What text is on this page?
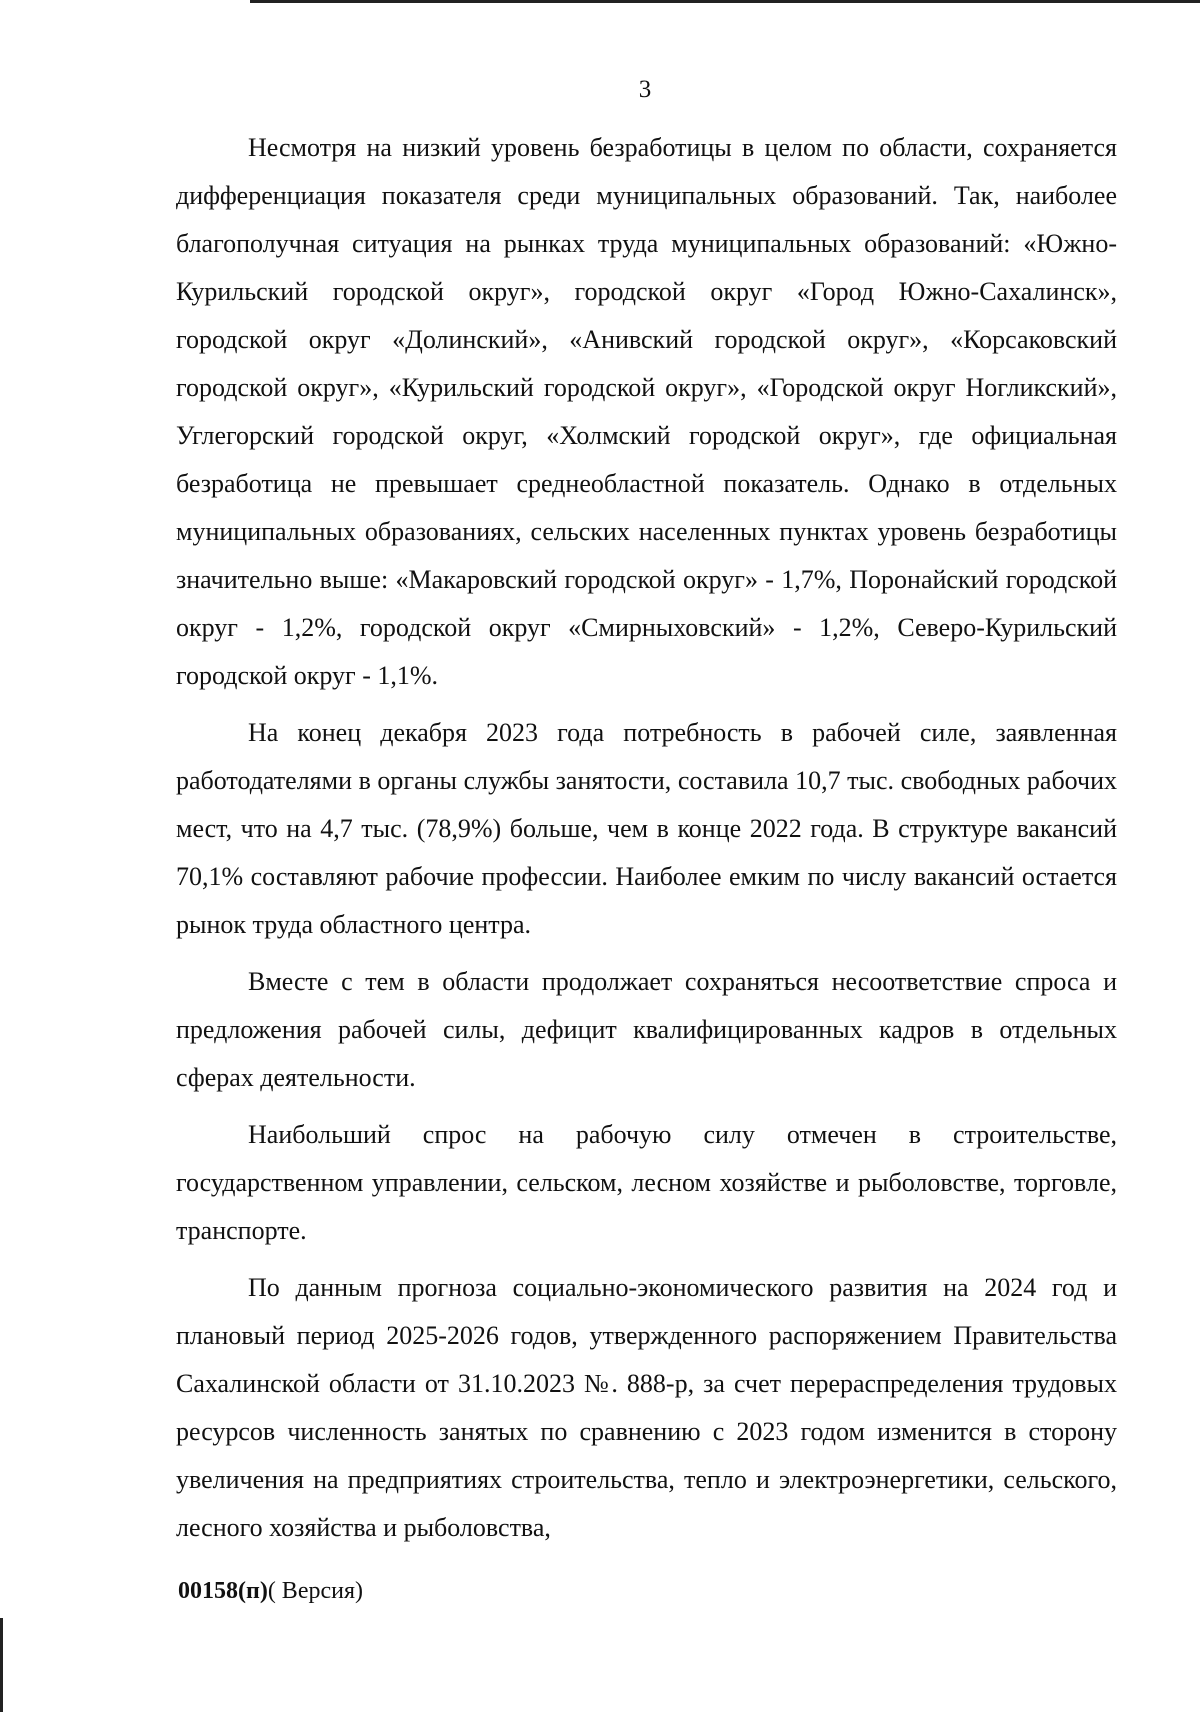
3

Несмотря на низкий уровень безработицы в целом по области, сохраняется дифференциация показателя среди муниципальных образований. Так, наиболее благополучная ситуация на рынках труда муниципальных образований: «Южно-Курильский городской округ», городской округ «Город Южно-Сахалинск», городской округ «Долинский», «Анивский городской округ», «Корсаковский городской округ», «Курильский городской округ», «Городской округ Ногликский», Углегорский городской округ, «Холмский городской округ», где официальная безработица не превышает среднеобластной показатель. Однако в отдельных муниципальных образованиях, сельских населенных пунктах уровень безработицы значительно выше: «Макаровский городской округ» - 1,7%, Поронайский городской округ - 1,2%, городской округ «Смирныховский» - 1,2%, Северо-Курильский городской округ - 1,1%.

На конец декабря 2023 года потребность в рабочей силе, заявленная работодателями в органы службы занятости, составила 10,7 тыс. свободных рабочих мест, что на 4,7 тыс. (78,9%) больше, чем в конце 2022 года. В структуре вакансий 70,1% составляют рабочие профессии. Наиболее емким по числу вакансий остается рынок труда областного центра.

Вместе с тем в области продолжает сохраняться несоответствие спроса и предложения рабочей силы, дефицит квалифицированных кадров в отдельных сферах деятельности.

Наибольший спрос на рабочую силу отмечен в строительстве, государственном управлении, сельском, лесном хозяйстве и рыболовстве, торговле, транспорте.

По данным прогноза социально-экономического развития на 2024 год и плановый период 2025-2026 годов, утвержденного распоряжением Правительства Сахалинской области от 31.10.2023 №. 888-р, за счет перераспределения трудовых ресурсов численность занятых по сравнению с 2023 годом изменится в сторону увеличения на предприятиях строительства, тепло и электроэнергетики, сельского, лесного хозяйства и рыболовства,

00158(п)( Версия)
